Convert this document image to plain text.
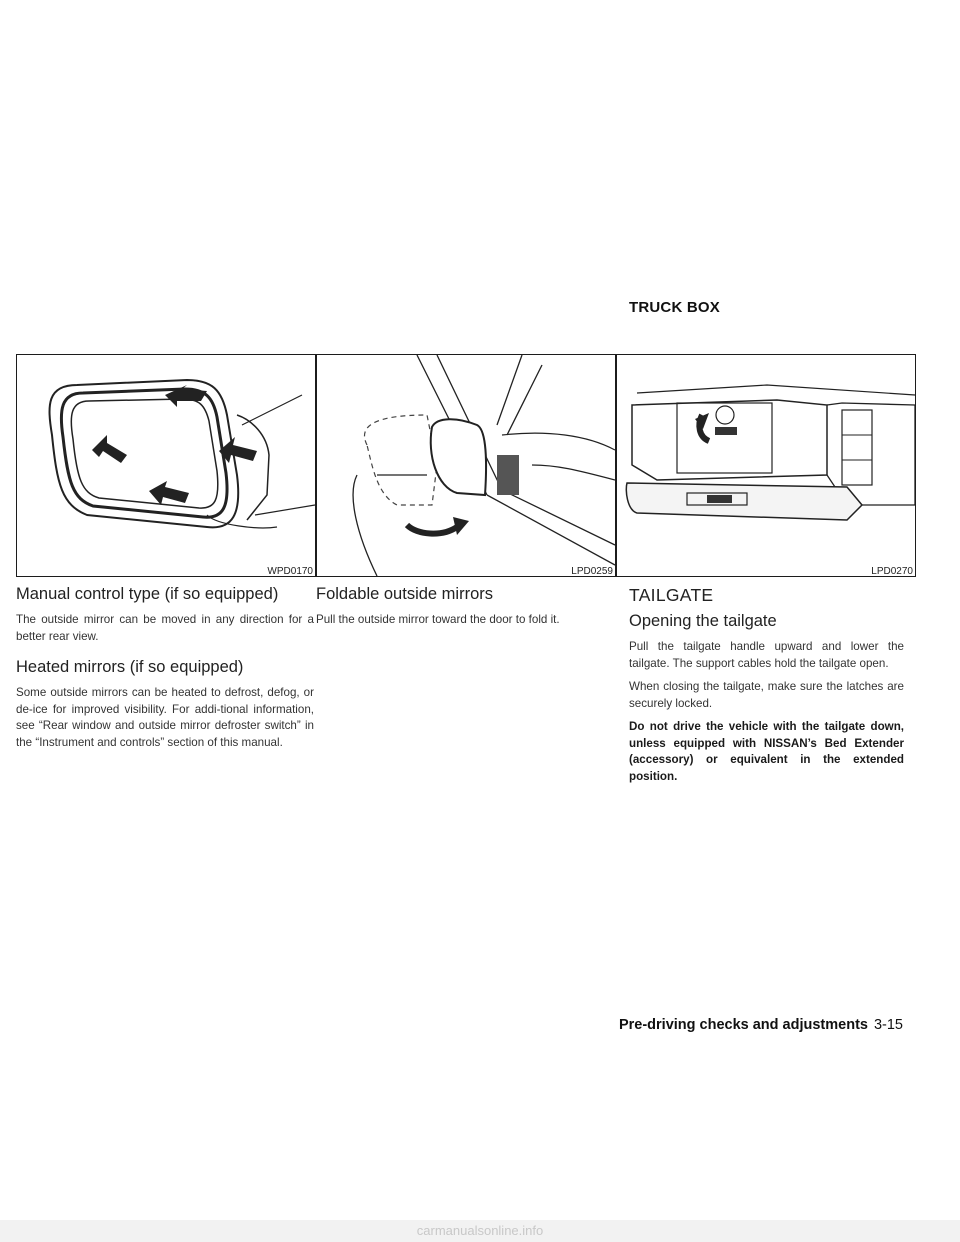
TRUCK BOX
WPD0170	LPD0259	LPD0270
Manual control type (if so equipped)

The outside mirror can be moved in any direction for a better rear view.

Heated mirrors (if so equipped)

Some outside mirrors can be heated to defrost, defog, or de-ice for improved visibility. For addi-tional information, see “Rear window and outside mirror defroster switch” in the “Instrument and controls” section of this manual.

Foldable outside mirrors

Pull the outside mirror toward the door to fold it.

TAILGATE
Opening the tailgate

Pull the tailgate handle upward and lower the tailgate. The support cables hold the tailgate open.

When closing the tailgate, make sure the latches are securely locked.

Do not drive the vehicle with the tailgate down, unless equipped with NISSAN’s Bed Extender (accessory) or equivalent in the extended position.

Pre-driving checks and adjustments 3-15
carmanualsonline.info
